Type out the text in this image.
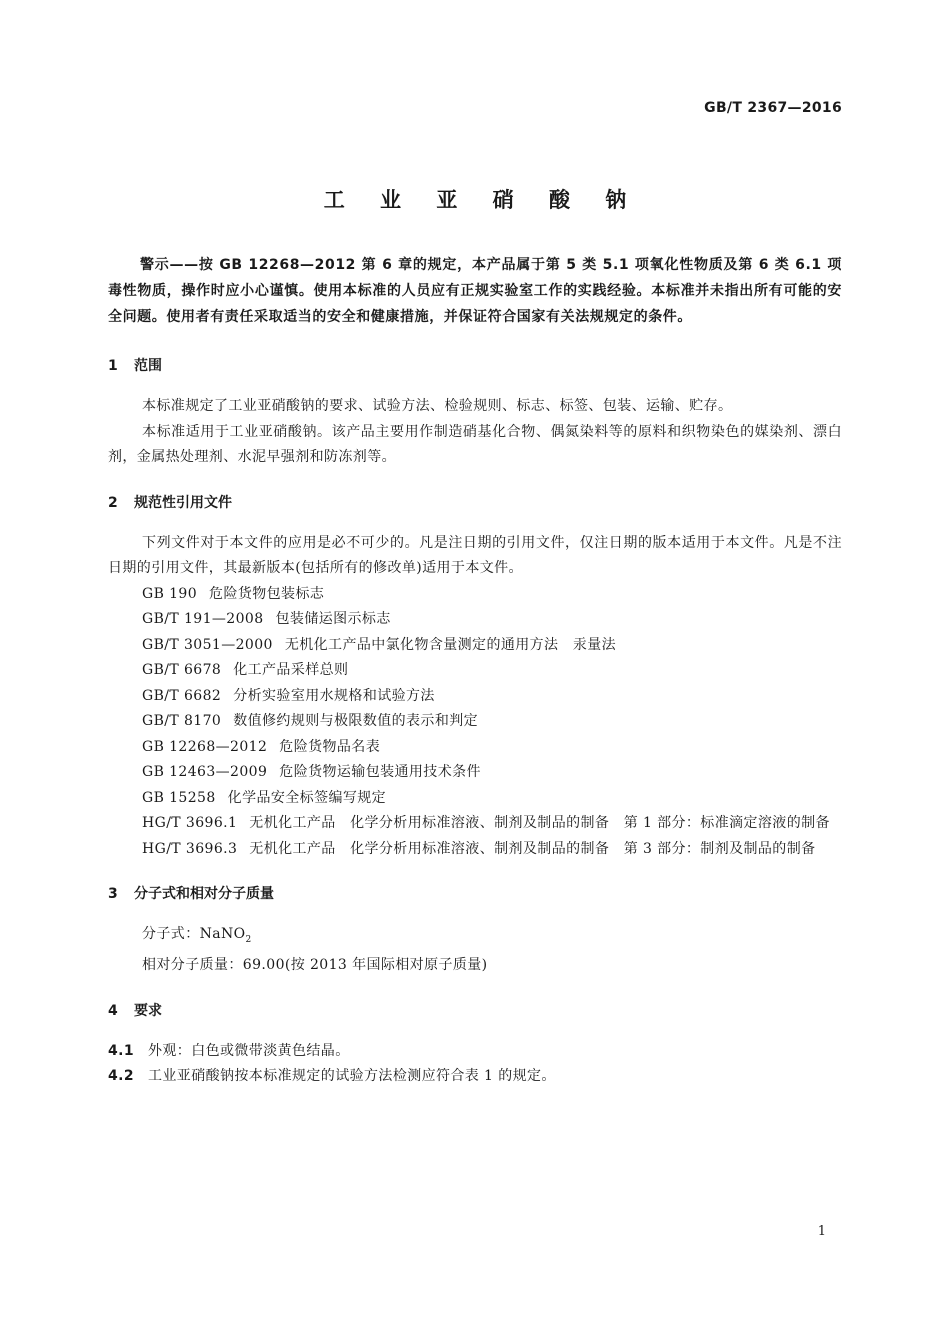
GB/T 2367—2016
工 业 亚 硝 酸 钠

警示——按 GB 12268—2012 第 6 章的规定，本产品属于第 5 类 5.1 项氧化性物质及第 6 类 6.1 项毒性物质，操作时应小心谨慎。使用本标准的人员应有正规实验室工作的实践经验。本标准并未指出所有可能的安全问题。使用者有责任采取适当的安全和健康措施，并保证符合国家有关法规规定的条件。

1 范围

本标准规定了工业亚硝酸钠的要求、试验方法、检验规则、标志、标签、包装、运输、贮存。

本标准适用于工业亚硝酸钠。该产品主要用作制造硝基化合物、偶氮染料等的原料和织物染色的媒染剂、漂白剂，金属热处理剂、水泥早强剂和防冻剂等。

2 规范性引用文件

下列文件对于本文件的应用是必不可少的。凡是注日期的引用文件，仅注日期的版本适用于本文件。凡是不注日期的引用文件，其最新版本(包括所有的修改单)适用于本文件。

GB 190 危险货物包装标志

GB/T 191—2008 包装储运图示标志

GB/T 3051—2000 无机化工产品中氯化物含量测定的通用方法　汞量法

GB/T 6678 化工产品采样总则

GB/T 6682 分析实验室用水规格和试验方法

GB/T 8170 数值修约规则与极限数值的表示和判定

GB 12268—2012 危险货物品名表

GB 12463—2009 危险货物运输包装通用技术条件

GB 15258 化学品安全标签编写规定

HG/T 3696.1 无机化工产品　化学分析用标准溶液、制剂及制品的制备　第 1 部分：标准滴定溶液的制备

HG/T 3696.3 无机化工产品　化学分析用标准溶液、制剂及制品的制备　第 3 部分：制剂及制品的制备

3 分子式和相对分子质量

分子式：NaNO$_2$

相对分子质量：69.00(按 2013 年国际相对原子质量)

4 要求

4.1 外观：白色或微带淡黄色结晶。

4.2 工业亚硝酸钠按本标准规定的试验方法检测应符合表 1 的规定。

1
